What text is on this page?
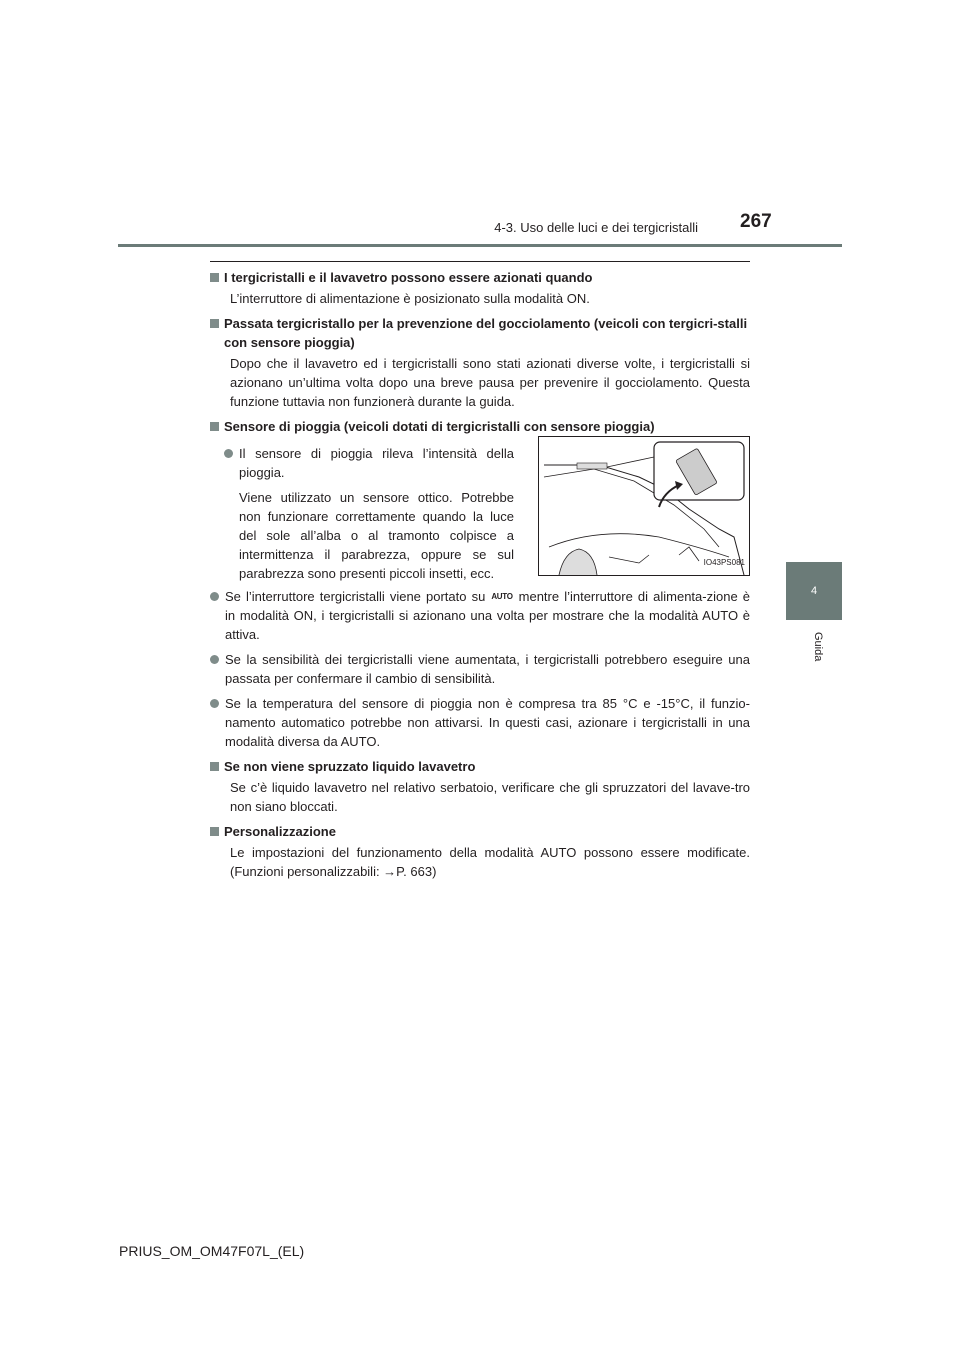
4-3. Uso delle luci e dei tergicristalli 267
4
Guida
I tergicristalli e il lavavetro possono essere azionati quando
L’interruttore di alimentazione è posizionato sulla modalità ON.
Passata tergicristallo per la prevenzione del gocciolamento (veicoli con tergicri-stalli con sensore pioggia)
Dopo che il lavavetro ed i tergicristalli sono stati azionati diverse volte, i tergicristalli si azionano un’ultima volta dopo una breve pausa per prevenire il gocciolamento. Questa funzione tuttavia non funzionerà durante la guida.
Sensore di pioggia (veicoli dotati di tergicristalli con sensore pioggia)
Il sensore di pioggia rileva l’intensità della pioggia.
Viene utilizzato un sensore ottico. Potrebbe non funzionare correttamente quando la luce del sole all’alba o al tramonto colpisce a intermittenza il parabrezza, oppure se sul parabrezza sono presenti piccoli insetti, ecc.
IO43PS081
Se l’interruttore tergicristalli viene portato su AUTO mentre l’interruttore di alimenta-zione è in modalità ON, i tergicristalli si azionano una volta per mostrare che la modalità AUTO è attiva.
Se la sensibilità dei tergicristalli viene aumentata, i tergicristalli potrebbero eseguire una passata per confermare il cambio di sensibilità.
Se la temperatura del sensore di pioggia non è compresa tra 85 °C e -15°C, il funzio-namento automatico potrebbe non attivarsi. In questi casi, azionare i tergicristalli in una modalità diversa da AUTO.
Se non viene spruzzato liquido lavavetro
Se c’è liquido lavavetro nel relativo serbatoio, verificare che gli spruzzatori del lavave-tro non siano bloccati.
Personalizzazione
Le impostazioni del funzionamento della modalità AUTO possono essere modificate. (Funzioni personalizzabili: →P. 663)
PRIUS_OM_OM47F07L_(EL)
